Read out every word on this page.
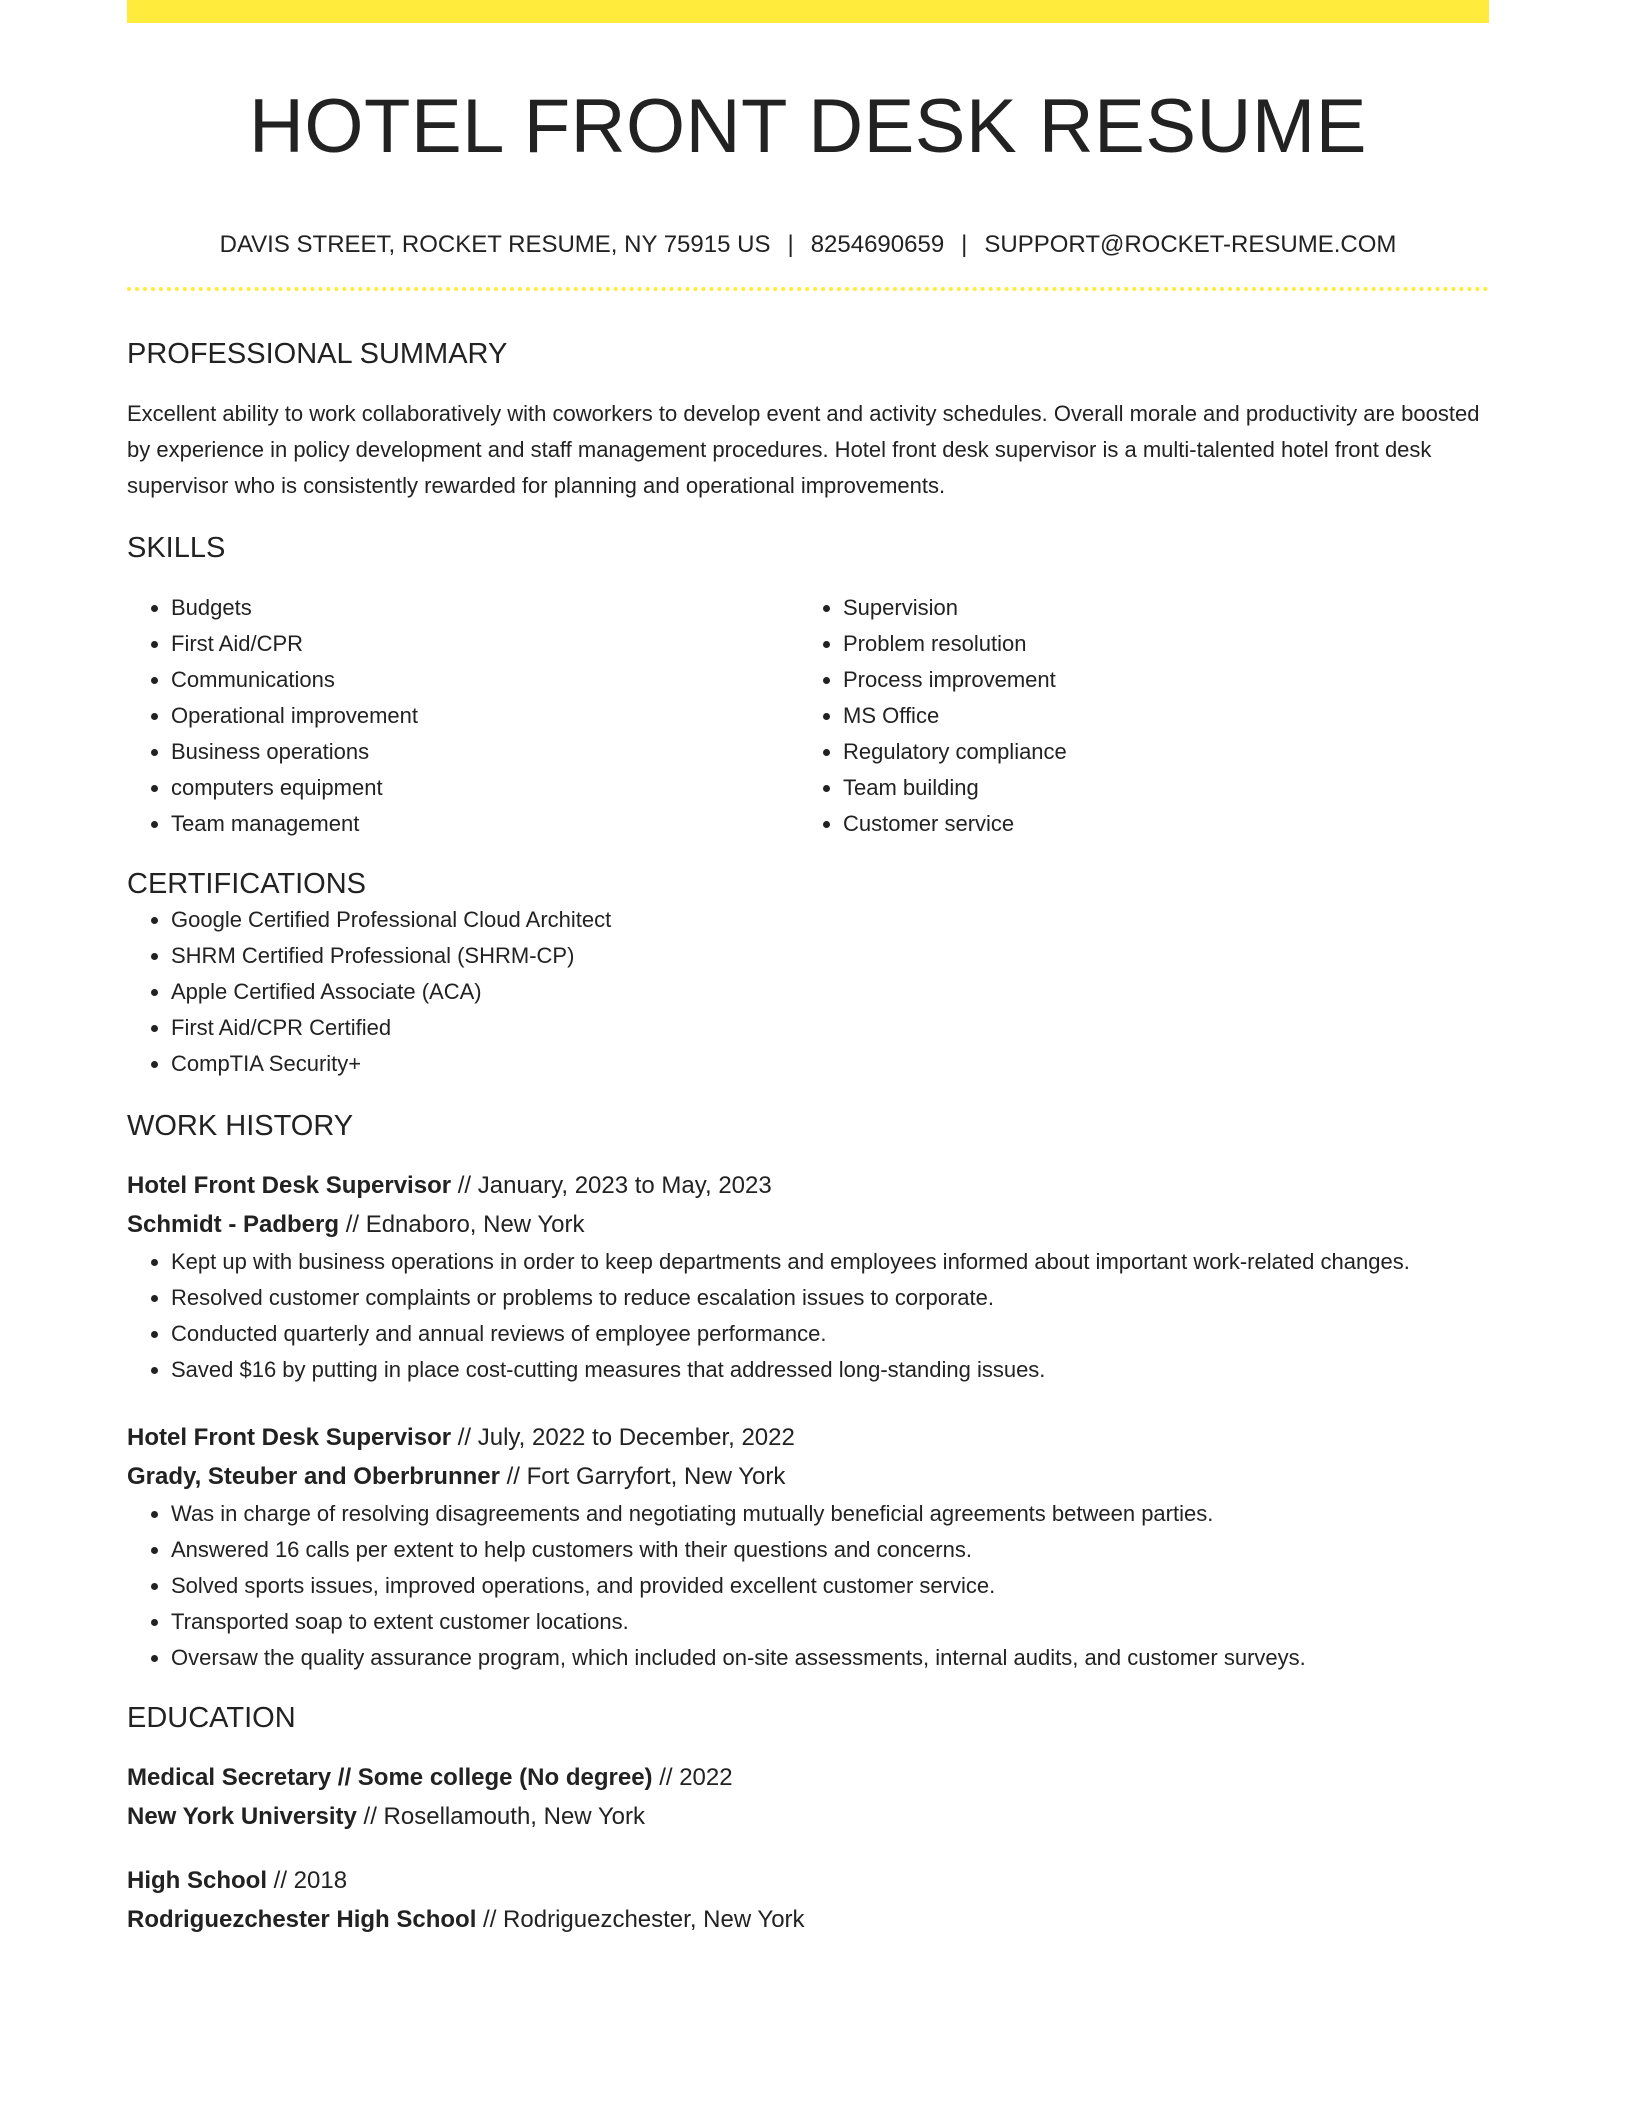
HOTEL FRONT DESK RESUME
DAVIS STREET, ROCKET RESUME, NY 75915 US | 8254690659 | SUPPORT@ROCKET-RESUME.COM
PROFESSIONAL SUMMARY

Excellent ability to work collaboratively with coworkers to develop event and activity schedules. Overall morale and productivity are boosted by experience in policy development and staff management procedures. Hotel front desk supervisor is a multi-talented hotel front desk supervisor who is consistently rewarded for planning and operational improvements.

SKILLS
• Budgets
• First Aid/CPR
• Communications
• Operational improvement
• Business operations
• computers equipment
• Team management
• Supervision
• Problem resolution
• Process improvement
• MS Office
• Regulatory compliance
• Team building
• Customer service
CERTIFICATIONS
• Google Certified Professional Cloud Architect
• SHRM Certified Professional (SHRM-CP)
• Apple Certified Associate (ACA)
• First Aid/CPR Certified
• CompTIA Security+
WORK HISTORY
Hotel Front Desk Supervisor // January, 2023 to May, 2023
Schmidt - Padberg // Ednaboro, New York
• Kept up with business operations in order to keep departments and employees informed about important work-related changes.
• Resolved customer complaints or problems to reduce escalation issues to corporate.
• Conducted quarterly and annual reviews of employee performance.
• Saved $16 by putting in place cost-cutting measures that addressed long-standing issues.
Hotel Front Desk Supervisor // July, 2022 to December, 2022
Grady, Steuber and Oberbrunner // Fort Garryfort, New York
• Was in charge of resolving disagreements and negotiating mutually beneficial agreements between parties.
• Answered 16 calls per extent to help customers with their questions and concerns.
• Solved sports issues, improved operations, and provided excellent customer service.
• Transported soap to extent customer locations.
• Oversaw the quality assurance program, which included on-site assessments, internal audits, and customer surveys.
EDUCATION
Medical Secretary // Some college (No degree) // 2022
New York University // Rosellamouth, New York
High School // 2018
Rodriguezchester High School // Rodriguezchester, New York
